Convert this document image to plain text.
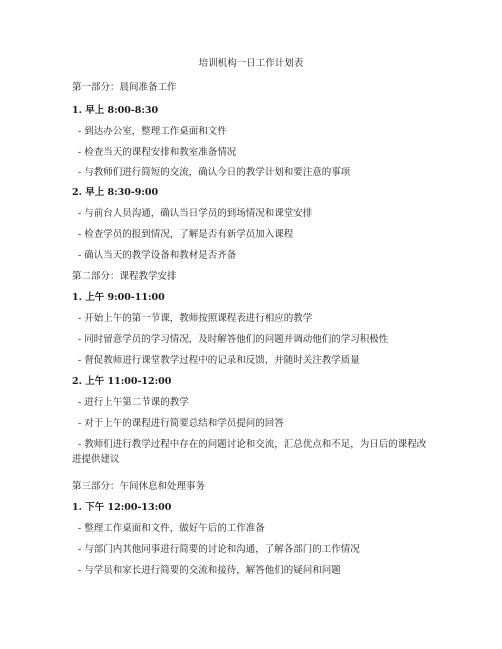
培训机构一日工作计划表
第一部分：晨间准备工作
1. 早上 8:00-8:30
- 到达办公室，整理工作桌面和文件
- 检查当天的课程安排和教室准备情况
- 与教师们进行简短的交流，确认今日的教学计划和要注意的事项
2. 早上 8:30-9:00
- 与前台人员沟通，确认当日学员的到场情况和课堂安排
- 检查学员的报到情况，了解是否有新学员加入课程
- 确认当天的教学设备和教材是否齐备
第二部分：课程教学安排
1. 上午 9:00-11:00
- 开始上午的第一节课，教师按照课程表进行相应的教学
- 同时留意学员的学习情况，及时解答他们的问题并调动他们的学习积极性
- 督促教师进行课堂教学过程中的记录和反馈，并随时关注教学质量
2. 上午 11:00-12:00
- 进行上午第二节课的教学
- 对于上午的课程进行简要总结和学员提问的回答
- 教师们进行教学过程中存在的问题讨论和交流，汇总优点和不足，为日后的课程改进提供建议
第三部分：午间休息和处理事务
1. 下午 12:00-13:00
- 整理工作桌面和文件，做好午后的工作准备
- 与部门内其他同事进行简要的讨论和沟通，了解各部门的工作情况
- 与学员和家长进行简要的交流和接待，解答他们的疑问和问题
